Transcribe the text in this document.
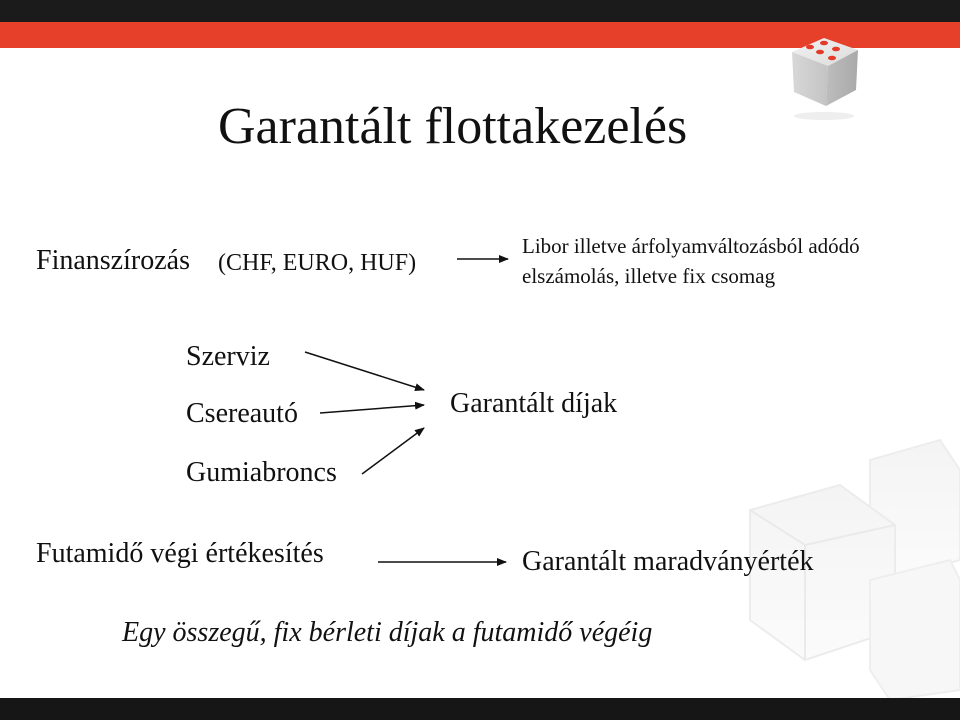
Garantált flottakezelés
Finanszírozás (CHF, EURO, HUF)
Libor illetve árfolyamváltozásból adódó
elszámolás, illetve fix csomag
Szerviz
Csereautó
Gumiabroncs
Garantált díjak
Futamidő végi értékesítés	Garantált maradványérték
Egy összegű, fix bérleti díjak a futamidő végéig
